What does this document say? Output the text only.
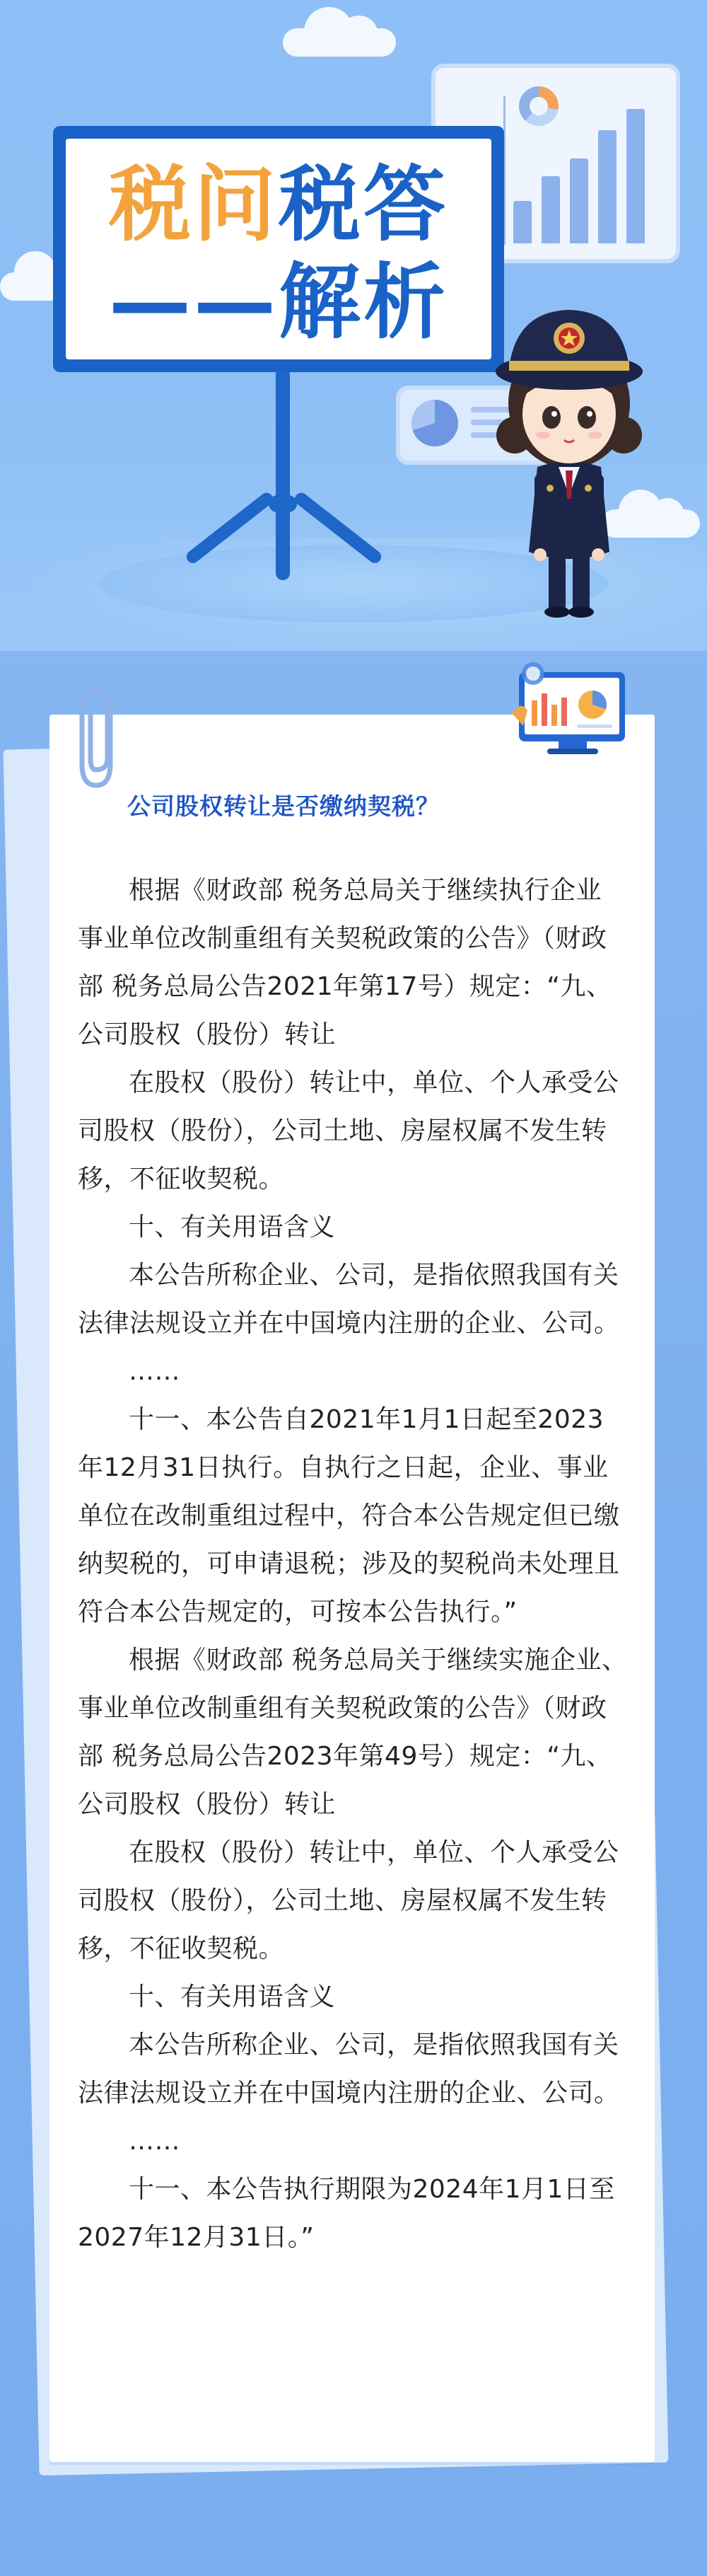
税问税答
——解析
公司股权转让是否缴纳契税？

根据《财政部 税务总局关于继续执行企业 事业单位改制重组有关契税政策的公告》（财政部 税务总局公告2021年第17号）规定：“九、公司股权（股份）转让

在股权（股份）转让中，单位、个人承受公司股权（股份），公司土地、房屋权属不发生转移，不征收契税。

十、有关用语含义

本公告所称企业、公司，是指依照我国有关法律法规设立并在中国境内注册的企业、公司。

……

十一、本公告自2021年1月1日起至2023年12月31日执行。自执行之日起，企业、事业单位在改制重组过程中，符合本公告规定但已缴纳契税的，可申请退税；涉及的契税尚未处理且符合本公告规定的，可按本公告执行。”

根据《财政部 税务总局关于继续实施企业、事业单位改制重组有关契税政策的公告》（财政部 税务总局公告2023年第49号）规定：“九、公司股权（股份）转让

在股权（股份）转让中，单位、个人承受公司股权（股份），公司土地、房屋权属不发生转移，不征收契税。

十、有关用语含义

本公告所称企业、公司，是指依照我国有关法律法规设立并在中国境内注册的企业、公司。

……

十一、本公告执行期限为2024年1月1日至2027年12月31日。”
